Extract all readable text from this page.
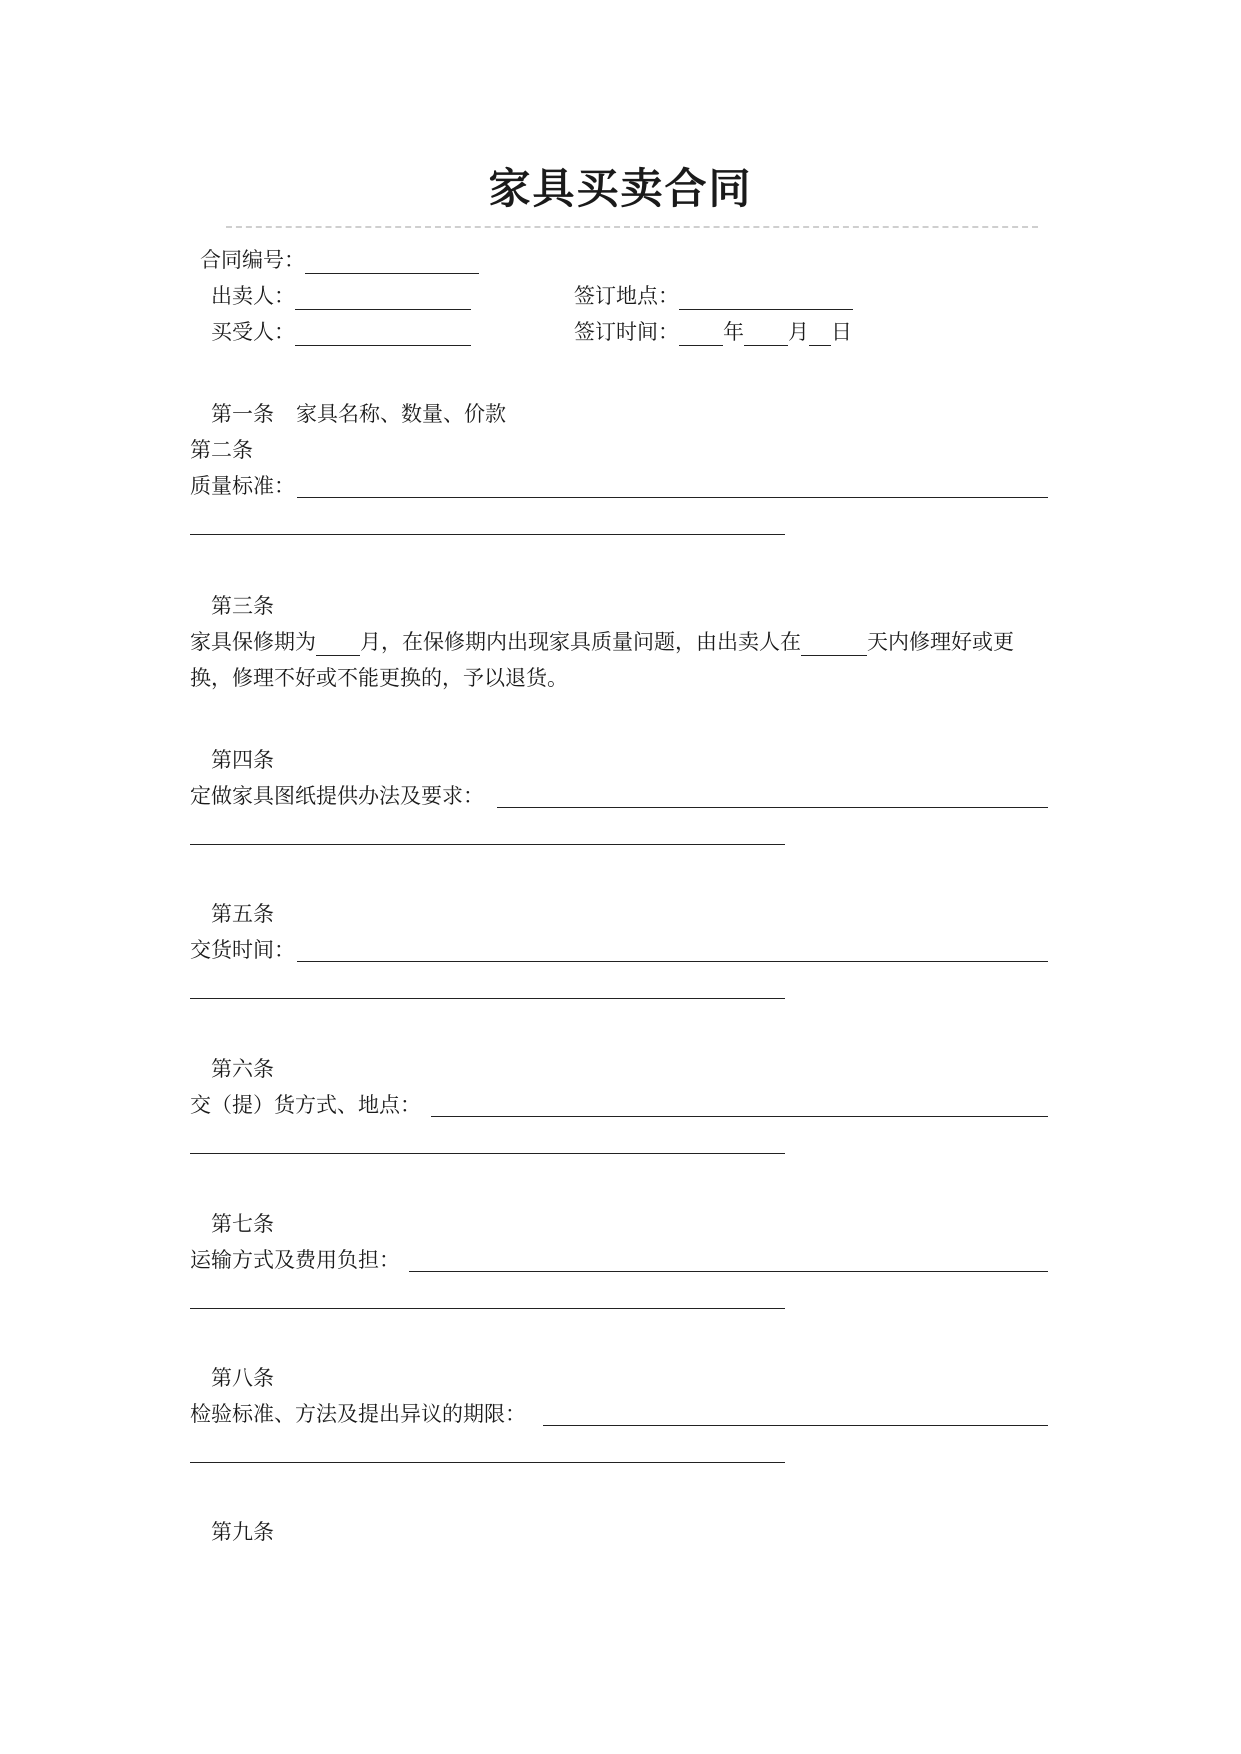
家具买卖合同
合同编号：
出卖人：	签订地点：
买受人：	签订时间： 年 月 日
第一条 家具名称、数量、价款
第二条
质量标准：
第三条
家具保修期为 月，在保修期内出现家具质量问题，由出卖人在	天内修理好或更
换，修理不好或不能更换的，予以退货。
第四条
定做家具图纸提供办法及要求：
第五条
交货时间：
第六条
交（提）货方式、地点：
第七条
运输方式及费用负担：
第八条
检验标准、方法及提出异议的期限：
第九条
